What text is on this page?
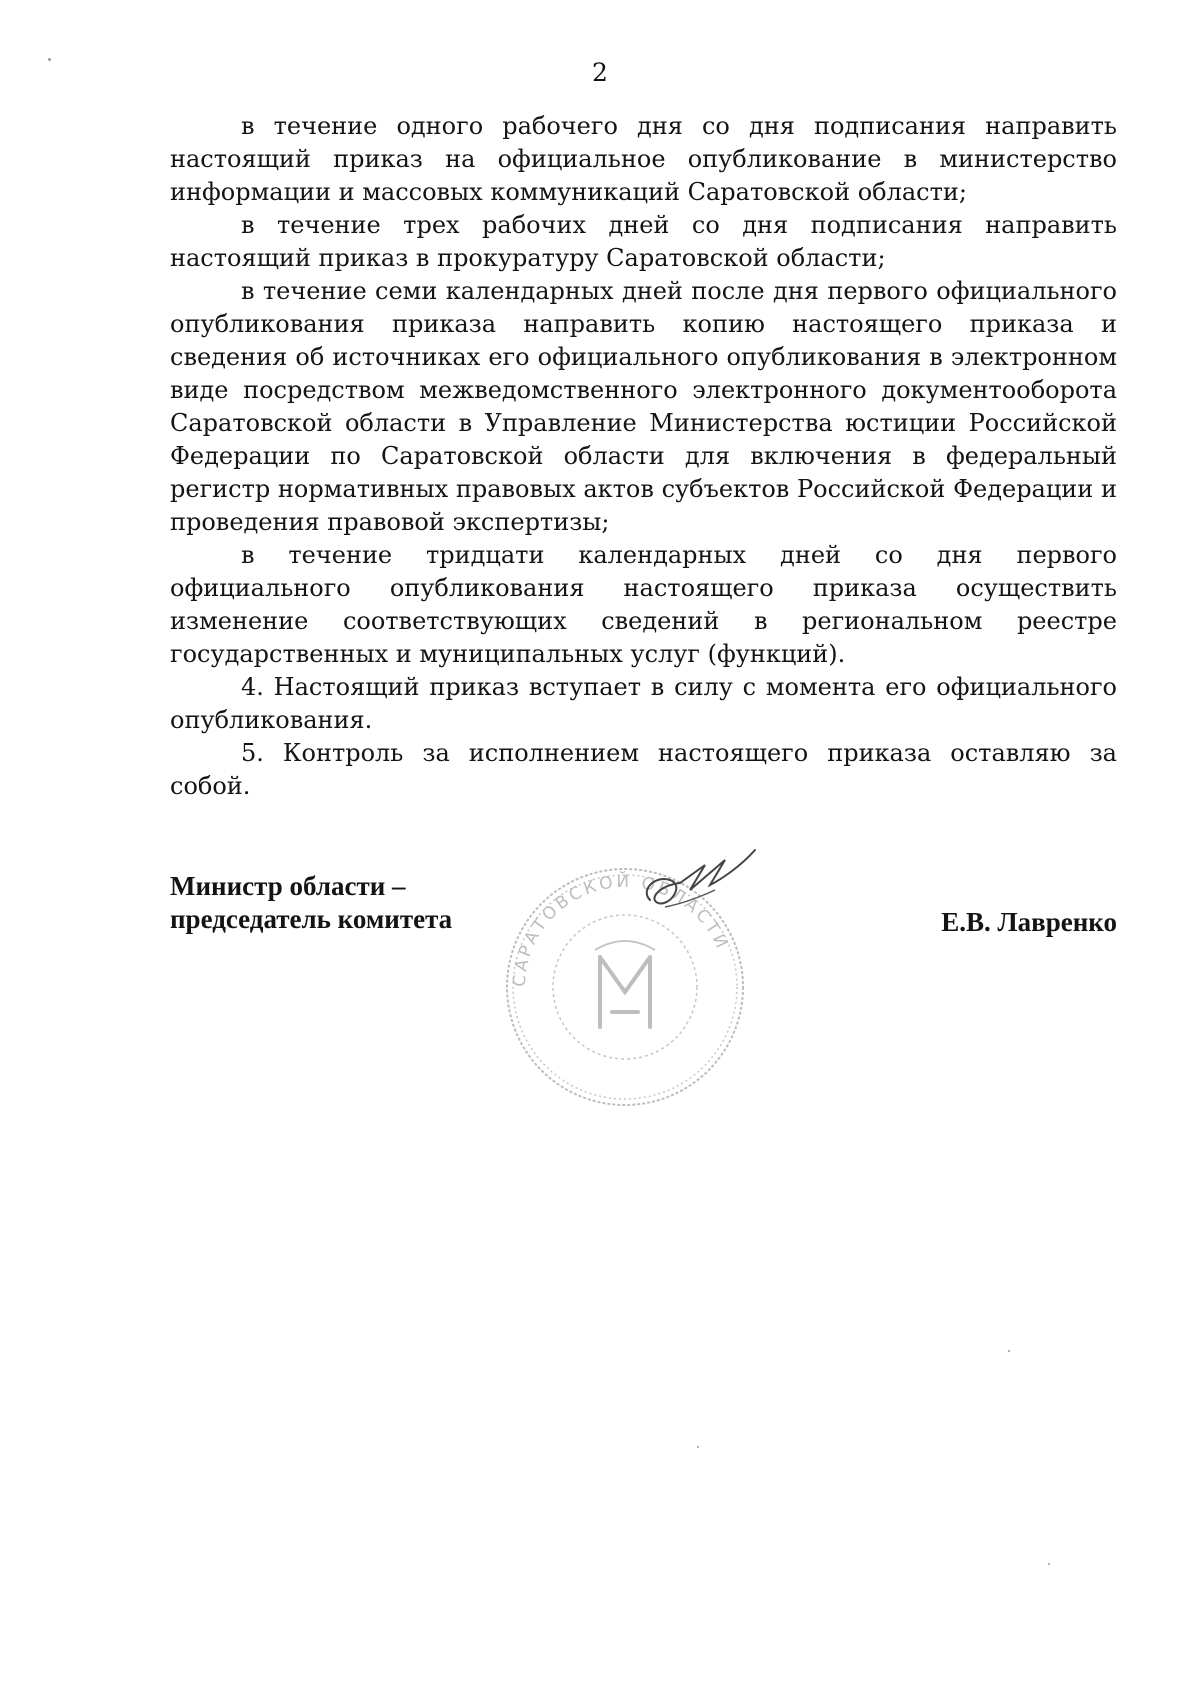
2

в течение одного рабочего дня со дня подписания направить настоящий приказ на официальное опубликование в министерство информации и массовых коммуникаций Саратовской области;

в течение трех рабочих дней со дня подписания направить настоящий приказ в прокуратуру Саратовской области;

в течение семи календарных дней после дня первого официального опубликования приказа направить копию настоящего приказа и сведения об источниках его официального опубликования в электронном виде посредством межведомственного электронного документооборота Саратовской области в Управление Министерства юстиции Российской Федерации по Саратовской области для включения в федеральный регистр нормативных правовых актов субъектов Российской Федерации и проведения правовой экспертизы;

в течение тридцати календарных дней со дня первого официального опубликования настоящего приказа осуществить изменение соответствующих сведений в региональном реестре государственных и муниципальных услуг (функций).

4. Настоящий приказ вступает в силу с момента его официального опубликования.

5. Контроль за исполнением настоящего приказа оставляю за собой.

Министр области –
председатель комитета
САРАТОВСКОЙ ОБЛАСТИ
Е.В. Лавренко
